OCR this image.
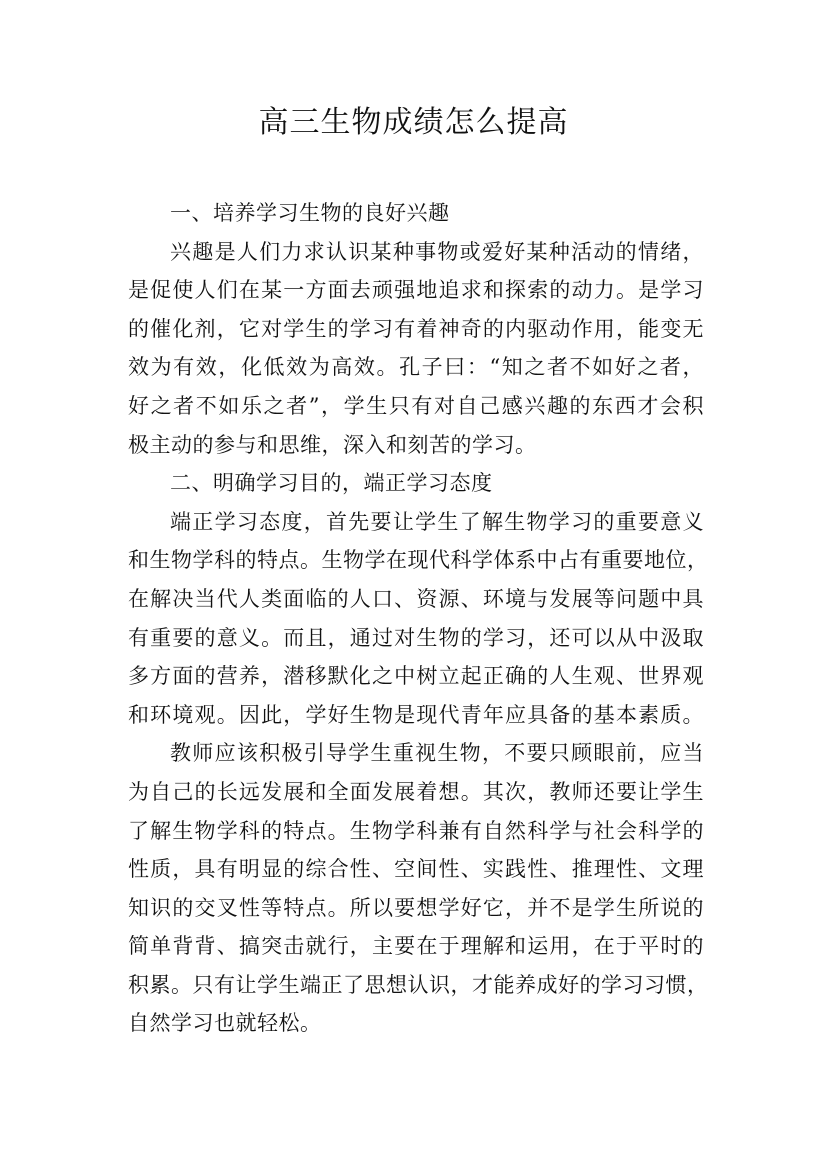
高三生物成绩怎么提高
一、培养学习生物的良好兴趣
兴趣是人们力求认识某种事物或爱好某种活动的情绪，
是促使人们在某一方面去顽强地追求和探索的动力。是学习
的催化剂，它对学生的学习有着神奇的内驱动作用，能变无
效为有效，化低效为高效。孔子曰：“知之者不如好之者，
好之者不如乐之者”，学生只有对自己感兴趣的东西才会积
极主动的参与和思维，深入和刻苦的学习。
二、明确学习目的，端正学习态度
端正学习态度，首先要让学生了解生物学习的重要意义
和生物学科的特点。生物学在现代科学体系中占有重要地位，
在解决当代人类面临的人口、资源、环境与发展等问题中具
有重要的意义。而且，通过对生物的学习，还可以从中汲取
多方面的营养，潜移默化之中树立起正确的人生观、世界观
和环境观。因此，学好生物是现代青年应具备的基本素质。
教师应该积极引导学生重视生物，不要只顾眼前，应当
为自己的长远发展和全面发展着想。其次，教师还要让学生
了解生物学科的特点。生物学科兼有自然科学与社会科学的
性质，具有明显的综合性、空间性、实践性、推理性、文理
知识的交叉性等特点。所以要想学好它，并不是学生所说的
简单背背、搞突击就行，主要在于理解和运用，在于平时的
积累。只有让学生端正了思想认识，才能养成好的学习习惯，
自然学习也就轻松。
